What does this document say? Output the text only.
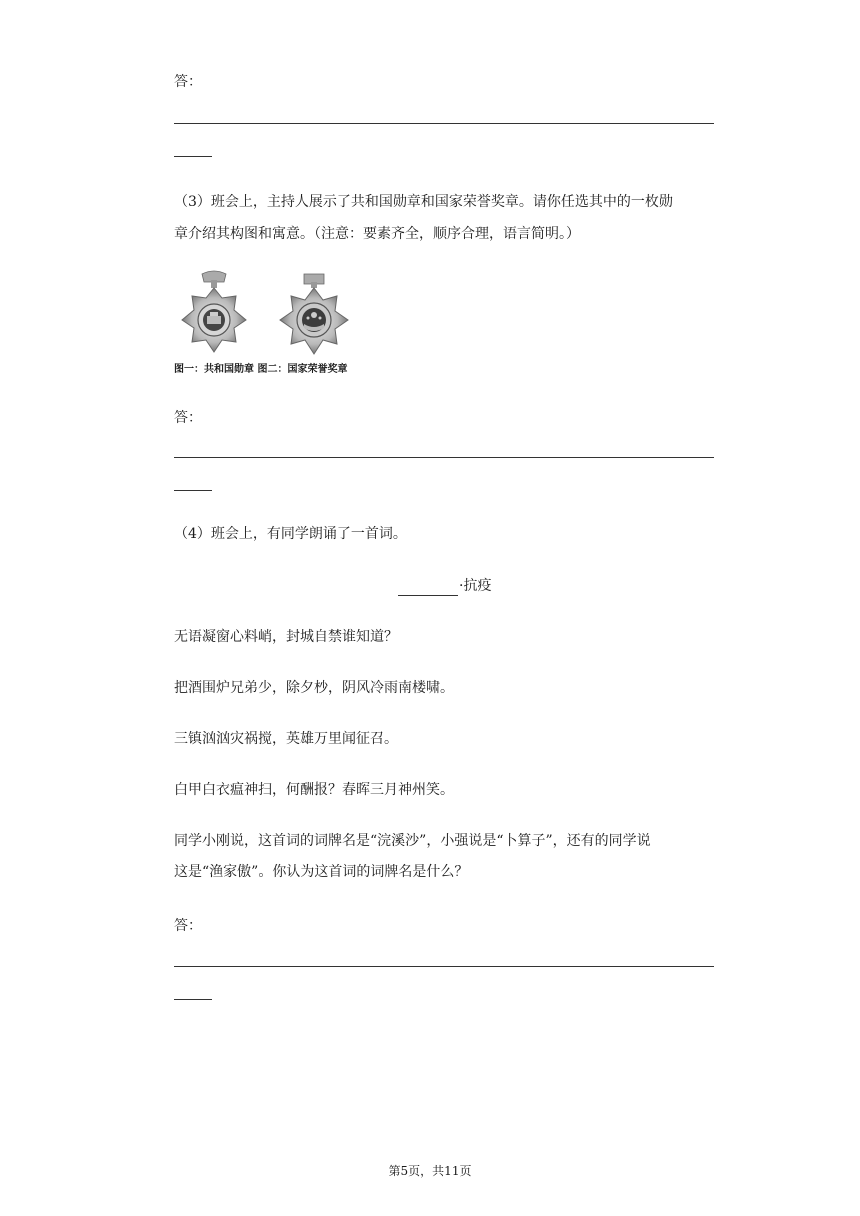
答：
（3）班会上，主持人展示了共和国勋章和国家荣誉奖章。请你任选其中的一枚勋
章介绍其构图和寓意。（注意：要素齐全，顺序合理，语言简明。）
图一：共和国勋章 图二：国家荣誉奖章
答：
（4）班会上，有同学朗诵了一首词。
·抗疫
无语凝窗心料峭，封城自禁谁知道？
把酒围炉兄弟少，除夕杪，阴风冷雨南楼啸。
三镇汹汹灾祸搅，英雄万里闻征召。
白甲白衣瘟神扫，何酬报？春晖三月神州笑。
同学小刚说，这首词的词牌名是“浣溪沙”，小强说是“卜算子”，还有的同学说
这是“渔家傲”。你认为这首词的词牌名是什么？
答：
第5页，共11页
